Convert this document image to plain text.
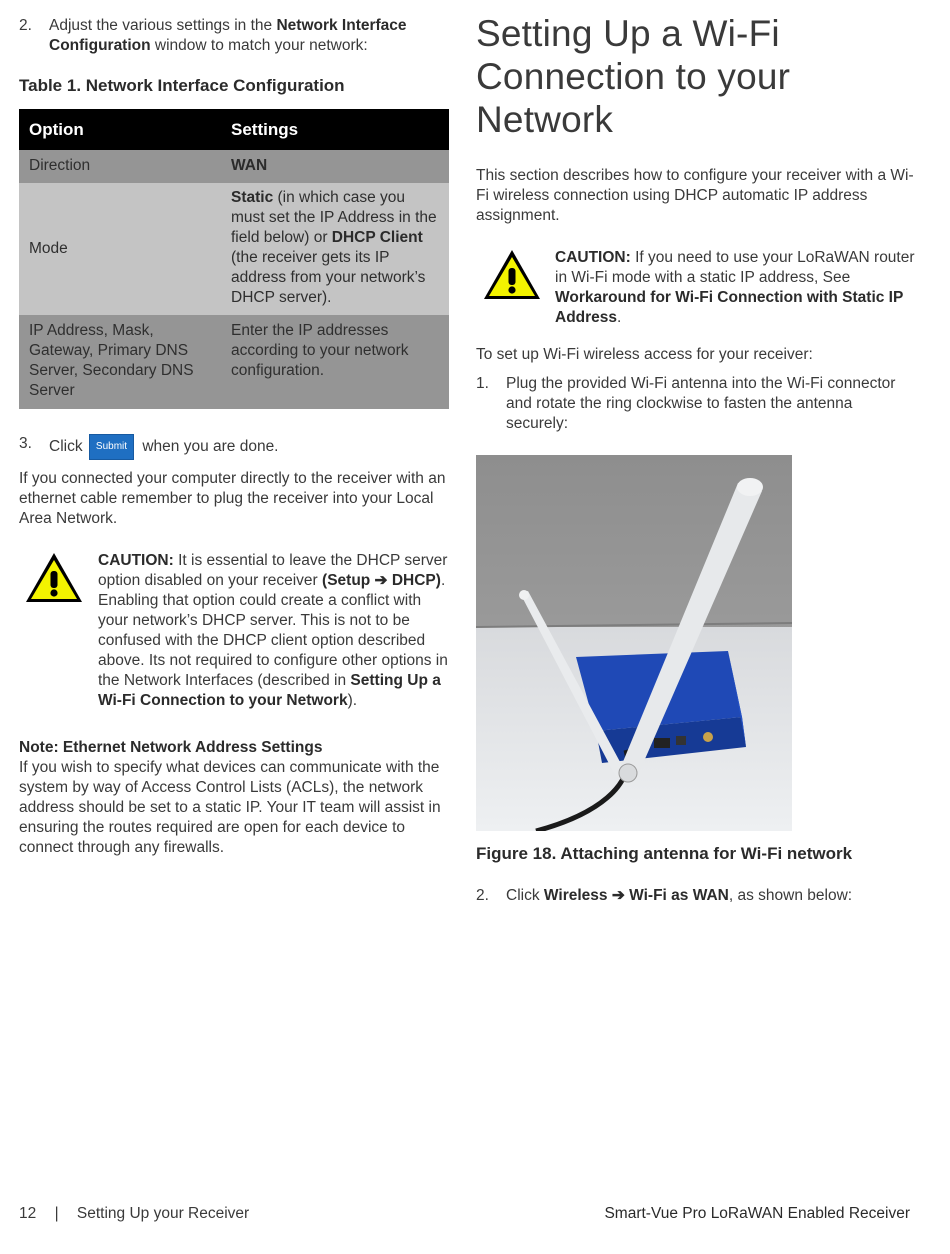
2. Adjust the various settings in the Network Interface Configuration window to match your network:
Table 1. Network Interface Configuration
Option	Settings
Direction	WAN
Mode	Static (in which case you must set the IP Address in the field below) or DHCP Client (the receiver gets its IP address from your network’s DHCP server).
IP Address, Mask, Gateway, Primary DNS Server, Secondary DNS Server	Enter the IP addresses according to your network configuration.
3. Click Submit when you are done.

If you connected your computer directly to the receiver with an ethernet cable remember to plug the receiver into your Local Area Network.

CAUTION: It is essential to leave the DHCP server option disabled on your receiver (Setup ➔ DHCP). Enabling that option could create a conflict with your network’s DHCP server. This is not to be confused with the DHCP client option described above. Its not required to configure other options in the Network Interfaces (described in Setting Up a Wi-Fi Connection to your Network).
Note: Ethernet Network Address Settings

If you wish to specify what devices can communicate with the system by way of Access Control Lists (ACLs), the network address should be set to a static IP. Your IT team will assist in ensuring the routes required are open for each device to connect through any firewalls.

Setting Up a Wi-Fi Connection to your Network

This section describes how to configure your receiver with a Wi-Fi wireless connection using DHCP automatic IP address assignment.

CAUTION: If you need to use your LoRaWAN router in Wi-Fi mode with a static IP address, See Workaround for Wi-Fi Connection with Static IP Address.

To set up Wi-Fi wireless access for your receiver:

1. Plug the provided Wi-Fi antenna into the Wi-Fi connector and rotate the ring clockwise to fasten the antenna securely:
Figure 18. Attaching antenna for Wi-Fi network
2. Click Wireless ➔ Wi-Fi as WAN, as shown below:
12 | Setting Up your Receiver	Smart-Vue Pro LoRaWAN Enabled Receiver
